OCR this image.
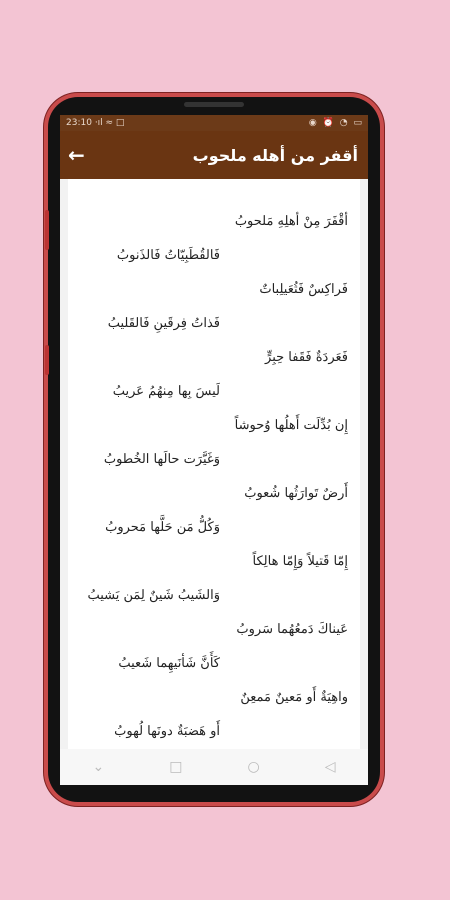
23:10 ·ıl ≈ □	◉ ⏰ ◔ ▭
←	أقفر من أهله ملحوب
أقْفَرَ مِنْ أهلِهِ مَلحوبُ
فَالقُطَبِيّاتُ فَالذَنوبُ
فَراكِسٌ فَثُعَيلِباتٌ
فَذاتُ فِرقَينِ فَالقَليبُ
فَعَردَةٌ فَقَفا حِبِرٍّ
لَيسَ بِها مِنهُمُ عَريبُ
إِن بُدِّلَت أَهلُها وُحوشاً
وَغَيَّرَت حالَها الخُطوبُ
أَرضٌ تَوارَثُها شُعوبُ
وَكُلُّ مَن حَلَّها مَحروبُ
إِمّا قَتيلاً وَإِمّا هالِكاً
وَالشَيبُ شَينٌ لِمَن يَشيبُ
عَيناكَ دَمعُهُما سَروبُ
كَأَنَّ شَأنَيهِما شَعيبُ
واهِيَةٌ أَو مَعينٌ مَمعِنٌ
أَو هَضبَةٌ دونَها لُهوبُ
⌄	□	○	◁
